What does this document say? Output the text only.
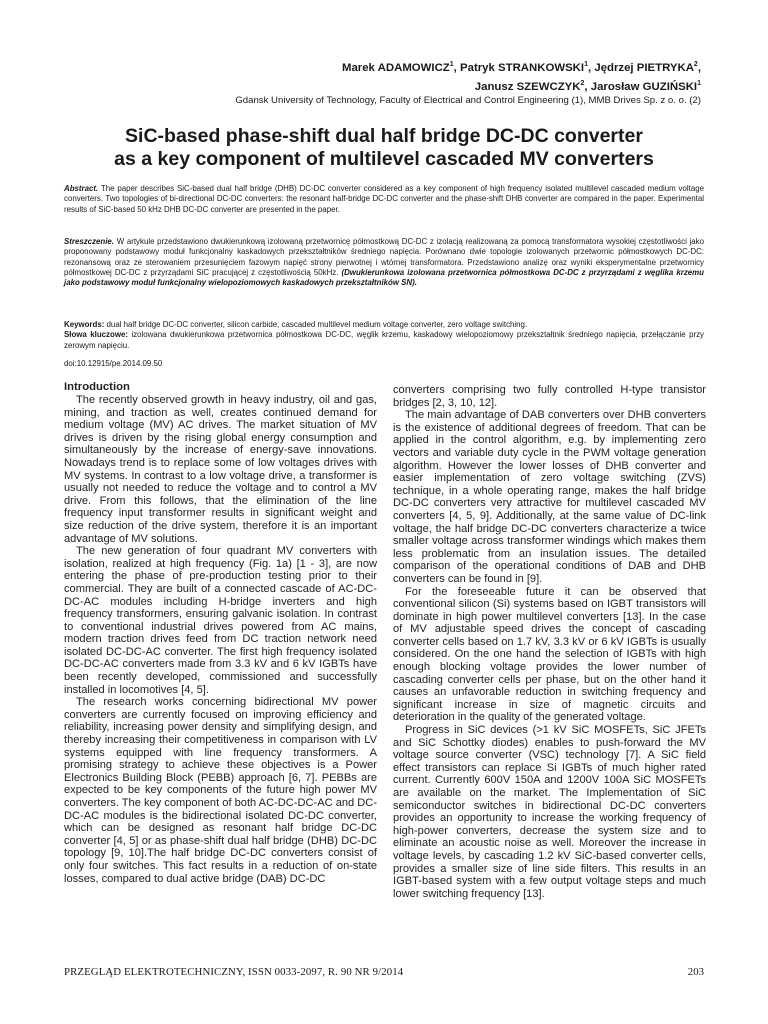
Marek ADAMOWICZ$^1$, Patryk STRANKOWSKI$^1$, Jędrzej PIETRYKA$^2$,
Janusz SZEWCZYK$^2$, Jarosław GUZIŃSKI$^1$
Gdansk University of Technology, Faculty of Electrical and Control Engineering (1), MMB Drives Sp. z o. o. (2)
SiC-based phase-shift dual half bridge DC-DC converter
as a key component of multilevel cascaded MV converters
Abstract. The paper describes SiC-based dual half bridge (DHB) DC-DC converter considered as a key component of high frequency isolated multilevel cascaded medium voltage converters. Two topologies of bi-directional DC-DC converters: the resonant half-bridge DC-DC converter and the phase-shift DHB converter are compared in the paper. Experimental results of SiC-based 50 kHz DHB DC-DC converter are presented in the paper.
Streszczenie. W artykule przedstawiono dwukierunkową izolowaną przetwornicę półmostkową DC-DC z izolacją realizowaną za pomocą transformatora wysokiej częstotliwości jako proponowany podstawowy moduł funkcjonalny kaskadowych przekształtników średniego napięcia. Porównano dwie topologie izolowanych przetwornic półmostkowych DC-DC: rezonansową oraz ze sterowaniem przesunięciem fazowym napięć strony pierwotnej i wtórnej transformatora. Przedstawiono analizę oraz wyniki eksperymentalne przetwornicy półmostkowej DC-DC z przyrządami SiC pracującej z częstotliwością 50kHz. (Dwukierunkowa izolowana przetwornica półmostkowa DC-DC z przyrządami z węglika krzemu jako podstawowy moduł funkcjonalny wielopoziomowych kaskadowych przekształtników SN).

Keywords: dual half bridge DC-DC converter, silicon carbide, cascaded multilevel medium voltage converter, zero voltage switching.

Słowa kluczowe: izolowana dwukierunkowa przetwornica półmostkowa DC-DC, węglik krzemu, kaskadowy wielopoziomowy przekształtnik średniego napięcia, przełączanie przy zerowym napięciu.

doi:10.12915/pe.2014.09.50
Introduction

The recently observed growth in heavy industry, oil and gas, mining, and traction as well, creates continued demand for medium voltage (MV) AC drives. The market situation of MV drives is driven by the rising global energy consumption and simultaneously by the increase of energy-save innovations. Nowadays trend is to replace some of low voltages drives with MV systems. In contrast to a low voltage drive, a transformer is usually not needed to reduce the voltage and to control a MV drive. From this follows, that the elimination of the line frequency input transformer results in significant weight and size reduction of the drive system, therefore it is an important advantage of MV solutions.

The new generation of four quadrant MV converters with isolation, realized at high frequency (Fig. 1a) [1 - 3], are now entering the phase of pre-production testing prior to their commercial. They are built of a connected cascade of AC-DC-DC-AC modules including H-bridge inverters and high frequency transformers, ensuring galvanic isolation. In contrast to conventional industrial drives powered from AC mains, modern traction drives feed from DC traction network need isolated DC-DC-AC converter. The first high frequency isolated DC-DC-AC converters made from 3.3 kV and 6 kV IGBTs have been recently developed, commissioned and successfully installed in locomotives [4, 5].

The research works concerning bidirectional MV power converters are currently focused on improving efficiency and reliability, increasing power density and simplifying design, and thereby increasing their competitiveness in comparison with LV systems equipped with line frequency transformers. A promising strategy to achieve these objectives is a Power Electronics Building Block (PEBB) approach [6, 7]. PEBBs are expected to be key components of the future high power MV converters. The key component of both AC-DC-DC-AC and DC-DC-AC modules is the bidirectional isolated DC-DC converter, which can be designed as resonant half bridge DC-DC converter [4, 5] or as phase-shift dual half bridge (DHB) DC-DC topology [9, 10].The half bridge DC-DC converters consist of only four switches. This fact results in a reduction of on-state losses, compared to dual active bridge (DAB) DC-DC

converters comprising two fully controlled H-type transistor bridges [2, 3, 10, 12].

The main advantage of DAB converters over DHB converters is the existence of additional degrees of freedom. That can be applied in the control algorithm, e.g. by implementing zero vectors and variable duty cycle in the PWM voltage generation algorithm. However the lower losses of DHB converter and easier implementation of zero voltage switching (ZVS) technique, in a whole operating range, makes the half bridge DC-DC converters very attractive for multilevel cascaded MV converters [4, 5, 9]. Additionally, at the same value of DC-link voltage, the half bridge DC-DC converters characterize a twice smaller voltage across transformer windings which makes them less problematic from an insulation issues. The detailed comparison of the operational conditions of DAB and DHB converters can be found in [9].

For the foreseeable future it can be observed that conventional silicon (Si) systems based on IGBT transistors will dominate in high power multilevel converters [13]. In the case of MV adjustable speed drives the concept of cascading converter cells based on 1.7 kV, 3.3 kV or 6 kV IGBTs is usually considered. On the one hand the selection of IGBTs with high enough blocking voltage provides the lower number of cascading converter cells per phase, but on the other hand it causes an unfavorable reduction in switching frequency and significant increase in size of magnetic circuits and deterioration in the quality of the generated voltage.

Progress in SiC devices (>1 kV SiC MOSFETs, SiC JFETs and SiC Schottky diodes) enables to push-forward the MV voltage source converter (VSC) technology [7]. A SiC field effect transistors can replace Si IGBTs of much higher rated current. Currently 600V 150A and 1200V 100A SiC MOSFETs are available on the market. The Implementation of SiC semiconductor switches in bidirectional DC-DC converters provides an opportunity to increase the working frequency of high-power converters, decrease the system size and to eliminate an acoustic noise as well. Moreover the increase in voltage levels, by cascading 1.2 kV SiC-based converter cells, provides a smaller size of line side filters. This results in an IGBT-based system with a few output voltage steps and much lower switching frequency [13].

PRZEGLĄD ELEKTROTECHNICZNY, ISSN 0033-2097, R. 90 NR 9/2014	203
